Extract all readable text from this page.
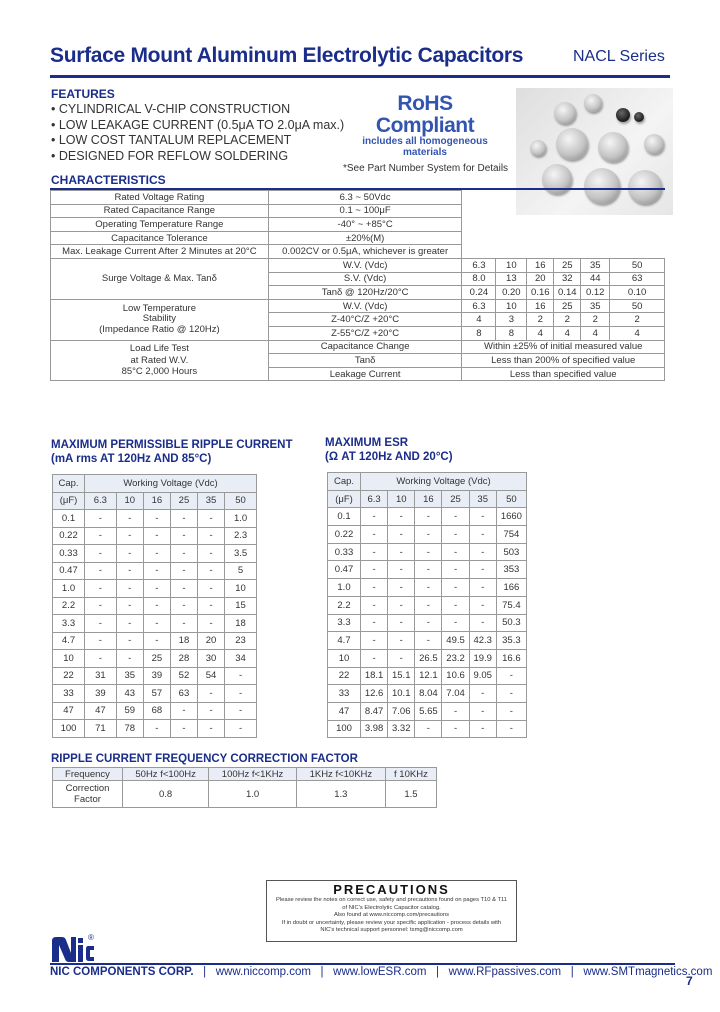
Surface Mount Aluminum Electrolytic Capacitors	NACL Series
FEATURES
• CYLINDRICAL V-CHIP CONSTRUCTION
• LOW LEAKAGE CURRENT (0.5μA TO 2.0μA max.)
• LOW COST TANTALUM REPLACEMENT
• DESIGNED FOR REFLOW SOLDERING
RoHS
Compliant
includes all homogeneous materials
*See Part Number System for Details
CHARACTERISTICS
Rated Voltage Rating	6.3 ~ 50Vdc						
Rated Capacitance Range	0.1 ~ 100μF						
Operating Temperature Range	-40° ~ +85°C						
Capacitance Tolerance	±20%(M)						
Max. Leakage Current After 2 Minutes at 20°C	0.002CV or 0.5μA, whichever is greater						
Surge Voltage & Max. Tanδ	W.V. (Vdc)	6.3	10	16	25	35	50
	S.V. (Vdc)	8.0	13	20	32	44	63
	Tanδ @ 120Hz/20°C	0.24	0.20	0.16	0.14	0.12	0.10

Low Temperature
Stability
(Impedance Ratio @ 120Hz)	W.V. (Vdc)	6.3	10	16	25	35	50
	Z-40°C/Z +20°C	4	3	2	2	2	2
	Z-55°C/Z +20°C	8	8	4	4	4	4

Load Life Test
at Rated W.V.
85°C 2,000 Hours	Capacitance Change	Within ±25% of initial measured value					
	Tanδ	Less than 200% of specified value					
	Leakage Current	Less than specified value					
MAXIMUM PERMISSIBLE RIPPLE CURRENT
(mA rms AT 120Hz AND 85°C)
Cap.	Working Voltage (Vdc)					
(μF)	6.3	10	16	25	35	50
0.1	-	-	-	-	-	1.0
0.22	-	-	-	-	-	2.3
0.33	-	-	-	-	-	3.5
0.47	-	-	-	-	-	5
1.0	-	-	-	-	-	10
2.2	-	-	-	-	-	15
3.3	-	-	-	-	-	18
4.7	-	-	-	18	20	23
10	-	-	25	28	30	34
22	31	35	39	52	54	-
33	39	43	57	63	-	-
47	47	59	68	-	-	-
100	71	78	-	-	-	-
MAXIMUM ESR
(Ω AT 120Hz AND 20°C)
Cap.	Working Voltage (Vdc)					
(μF)	6.3	10	16	25	35	50
0.1	-	-	-	-	-	1660
0.22	-	-	-	-	-	754
0.33	-	-	-	-	-	503
0.47	-	-	-	-	-	353
1.0	-	-	-	-	-	166
2.2	-	-	-	-	-	75.4
3.3	-	-	-	-	-	50.3
4.7	-	-	-	49.5	42.3	35.3
10	-	-	26.5	23.2	19.9	16.6
22	18.1	15.1	12.1	10.6	9.05	-
33	12.6	10.1	8.04	7.04	-	-
47	8.47	7.06	5.65	-	-	-
100	3.98	3.32	-	-	-	-
RIPPLE CURRENT FREQUENCY CORRECTION FACTOR
Frequency	50Hz f<100Hz	100Hz f<1KHz	1KHz f<10KHz	f 10KHz

Correction
Factor	0.8	1.0	1.3	1.5
PRECAUTIONS
Please review the notes on correct use, safety and precautions found on pages T10 & T11
of NIC's Electrolytic Capacitor catalog.
Also found at www.niccomp.com/precautions
If in doubt or uncertainty, please review your specific application - process details with
NIC's technical support personnel: tsmg@niccomp.com
®
NIC COMPONENTS CORP.   |   www.niccomp.com   |   www.lowESR.com   |   www.RFpassives.com   |   www.SMTmagnetics.com
7
